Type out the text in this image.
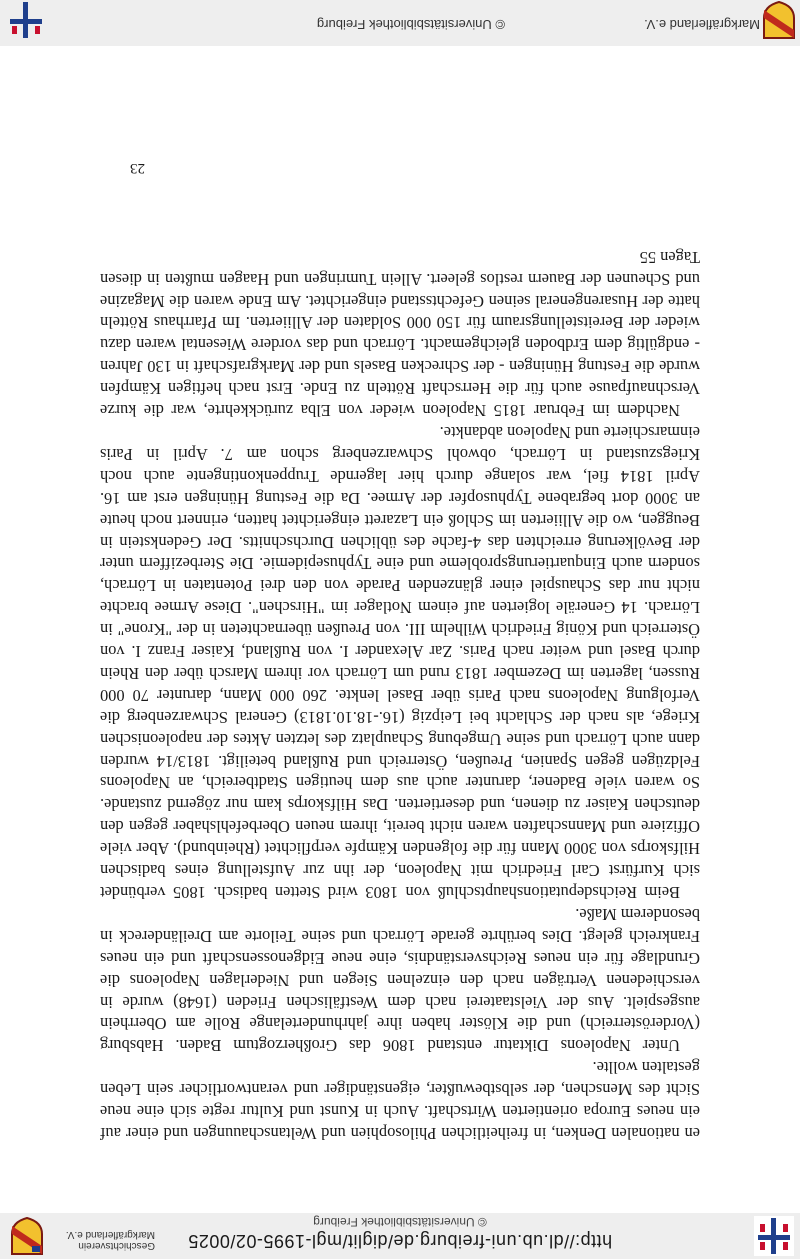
http://dl.ub.uni-freiburg.de/diglit/mgl-1995-02/0025
© Universitätsbibliothek Freiburg
Geschichtsverein
Markgräflerland e.V.

en nationalen Denken, in freiheitlichen Philosophien und Weltanschauungen und einer auf ein neues Europa orientierten Wirtschaft. Auch in Kunst und Kultur regte sich eine neue Sicht des Menschen, der selbstbewußter, eigenständiger und verantwortlicher sein Leben gestalten wollte.

Unter Napoleons Diktatur entstand 1806 das Großherzogtum Baden. Habsburg (Vorderösterreich) und die Klöster haben ihre jahrhundertelange Rolle am Oberrhein ausgespielt. Aus der Vielstaaterei nach dem Westfälischen Frieden (1648) wurde in verschiedenen Verträgen nach den einzelnen Siegen und Niederlagen Napoleons die Grundlage für ein neues Reichsverständnis, eine neue Eidgenossenschaft und ein neues Frankreich gelegt. Dies berührte gerade Lörrach und seine Teilorte am Dreiländereck in besonderem Maße.

Beim Reichsdeputationshauptschluß von 1803 wird Stetten badisch. 1805 verbündet sich Kurfürst Carl Friedrich mit Napoleon, der ihn zur Aufstellung eines badischen Hilfskorps von 3000 Mann für die folgenden Kämpfe verpflichtet (Rheinbund). Aber viele Offiziere und Mannschaften waren nicht bereit, ihrem neuen Oberbefehlshaber gegen den deutschen Kaiser zu dienen, und desertierten. Das Hilfskorps kam nur zögernd zustande. So waren viele Badener, darunter auch aus dem heutigen Stadtbereich, an Napoleons Feldzügen gegen Spanien, Preußen, Österreich und Rußland beteiligt. 1813/14 wurden dann auch Lörrach und seine Umgebung Schauplatz des letzten Aktes der napoleonischen Kriege, als nach der Schlacht bei Leipzig (16.-18.10.1813) General Schwarzenberg die Verfolgung Napoleons nach Paris über Basel lenkte. 260 000 Mann, darunter 70 000 Russen, lagerten im Dezember 1813 rund um Lörrach vor ihrem Marsch über den Rhein durch Basel und weiter nach Paris. Zar Alexander I. von Rußland, Kaiser Franz I. von Österreich und König Friedrich Wilhelm III. von Preußen übernachteten in der "Krone" in Lörrach. 14 Generäle logierten auf einem Notlager im "Hirschen". Diese Armee brachte nicht nur das Schauspiel einer glänzenden Parade von den drei Potentaten in Lörrach, sondern auch Einquartierungsprobleme und eine Typhusepidemie. Die Sterbeziffern unter der Bevölkerung erreichten das 4-fache des üblichen Durchschnitts. Der Gedenkstein in Beuggen, wo die Alliierten im Schloß ein Lazarett eingerichtet hatten, erinnert noch heute an 3000 dort begrabene Typhusopfer der Armee. Da die Festung Hüningen erst am 16. April 1814 fiel, war solange durch hier lagernde Truppenkontingente auch noch Kriegszustand in Lörrach, obwohl Schwarzenberg schon am 7. April in Paris einmarschierte und Napoleon abdankte.

Nachdem im Februar 1815 Napoleon wieder von Elba zurückkehrte, war die kurze Verschnaufpause auch für die Herrschaft Rötteln zu Ende. Erst nach heftigen Kämpfen wurde die Festung Hüningen - der Schrecken Basels und der Markgrafschaft in 130 Jahren - endgültig dem Erdboden gleichgemacht. Lörrach und das vordere Wiesental waren dazu wieder der Bereitstellungsraum für 150 000 Soldaten der Alliierten. Im Pfarrhaus Rötteln hatte der Husarengeneral seinen Gefechtsstand eingerichtet. Am Ende waren die Magazine und Scheunen der Bauern restlos geleert. Allein Tumringen und Haagen mußten in diesen Tagen 55

23
Markgräflerland e.V.
© Universitätsbibliothek Freiburg
